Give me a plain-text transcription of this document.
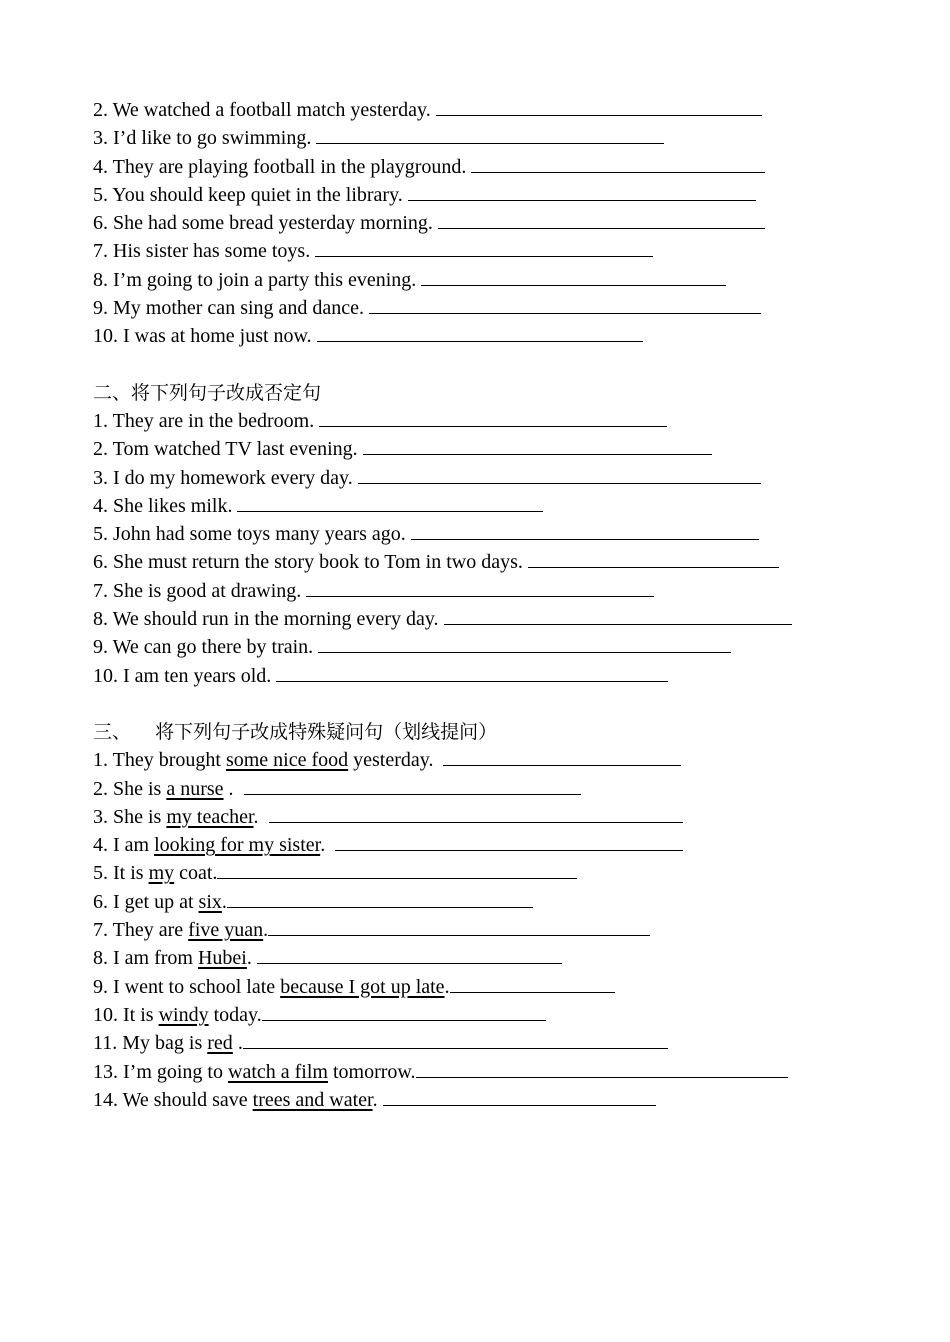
2. We watched a football match yesterday.
3. I’d like to go swimming.
4. They are playing football in the playground.
5. You should keep quiet in the library.
6. She had some bread yesterday morning.
7. His sister has some toys.
8. I’m going to join a party this evening.
9. My mother can sing and dance.
10. I was at home just now.
二、将下列句子改成否定句
1. They are in the bedroom.
2. Tom watched TV last evening.
3. I do my homework every day.
4. She likes milk.
5. John had some toys many years ago.
6. She must return the story book to Tom in two days.
7. She is good at drawing.
8. We should run in the morning every day.
9. We can go there by train.
10. I am ten years old.
三、    将下列句子改成特殊疑问句（划线提问）
1. They brought some nice food yesterday.
2. She is a nurse .
3. She is my teacher.
4. I am looking for my sister.
5. It is my coat.
6. I get up at six.
7. They are five yuan.
8. I am from Hubei.
9. I went to school late because I got up late.
10. It is windy today.
11. My bag is red .
13. I’m going to watch a film tomorrow.
14. We should save trees and water.
